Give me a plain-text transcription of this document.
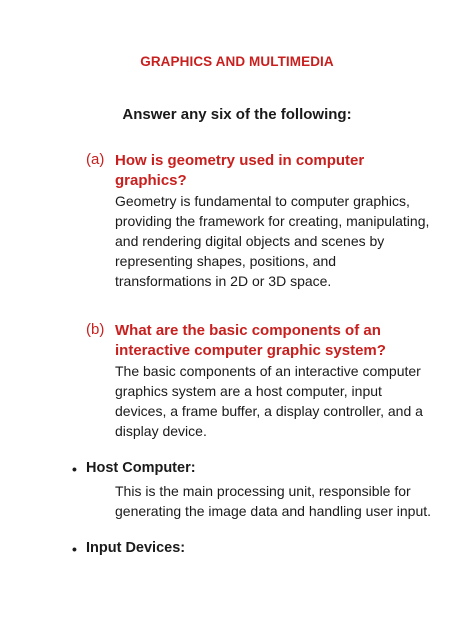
GRAPHICS AND MULTIMEDIA
Answer any six of the following:
(a) How is geometry used in computer graphics?
Geometry is fundamental to computer graphics, providing the framework for creating, manipulating, and rendering digital objects and scenes by representing shapes, positions, and transformations in 2D or 3D space.
(b) What are the basic components of an interactive computer graphic system?
The basic components of an interactive computer graphics system are a host computer, input devices, a frame buffer, a display controller, and a display device.
• Host Computer:
This is the main processing unit, responsible for generating the image data and handling user input.
• Input Devices:
